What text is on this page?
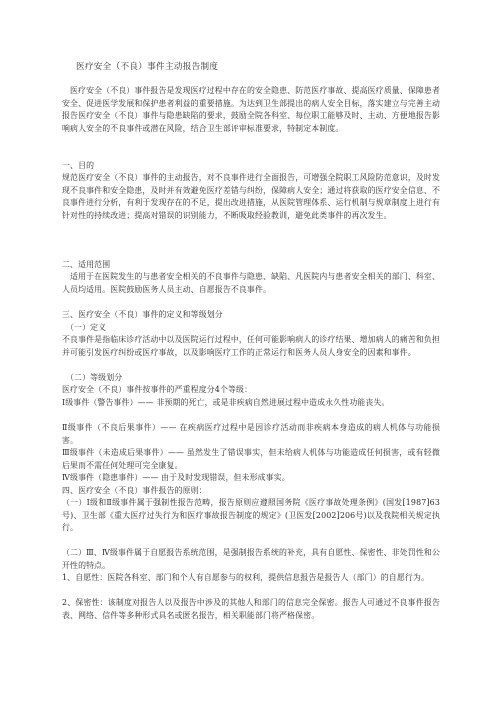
医疗安全（不良）事件主动报告制度

医疗安全（不良）事件报告是发现医疗过程中存在的安全隐患、防范医疗事故、提高医疗质量、保障患者安全、促进医学发展和保护患者利益的重要措施。为达到卫生部提出的病人安全目标，落实建立与完善主动报告医疗安全（不良）事件与隐患缺陷的要求，鼓励全院各科室、每位职工能够及时、主动、方便地报告影响病人安全的不良事件或潜在风险，结合卫生部评审标准要求，特制定本制度。

一、目的

规范医疗安全（不良）事件的主动报告，对不良事件进行全面报告，可增强全院职工风险防范意识，及时发现不良事件和安全隐患，及时并有效避免医疗差错与纠纷，保障病人安全；通过将获取的医疗安全信息、不良事件进行分析，有利于发现存在的不足，提出改进措施，从医院管理体系、运行机制与规章制度上进行有针对性的持续改进；提高对错误的识别能力，不断吸取经验教训，避免此类事件的再次发生。

二、适用范围

适用于在医院发生的与患者安全相关的不良事件与隐患、缺陷、凡医院内与患者安全相关的部门、科室、人员均适用。医院鼓励医务人员主动、自愿报告不良事件。

三、医疗安全（不良）事件的定义和等级划分
（一）定义

不良事件是指临床诊疗活动中以及医院运行过程中，任何可能影响病人的诊疗结果、增加病人的痛苦和负担并可能引发医疗纠纷或医疗事故，以及影响医疗工作的正常运行和医务人员人身安全的因素和事件。

（二）等级划分
医疗安全（不良）事件按事件的严重程度分4个等级：

Ⅰ级事件（警告事件）—— 非预期的死亡，或是非疾病自然进展过程中造成永久性功能丧失。

Ⅱ级事件（不良后果事件）—— 在疾病医疗过程中是因诊疗活动而非疾病本身造成的病人机体与功能损害。

Ⅲ级事件（未造成后果事件）—— 虽然发生了错误事实，但未给病人机体与功能造成任何损害，或有轻微后果而不需任何处理可完全康复。

Ⅳ级事件（隐患事件）—— 由于及时发现错误，但未形成事实。

四、医疗安全（不良）事件报告的原则：

（一）Ⅰ级和Ⅱ级事件属于强制性报告范畴，报告原则应遵照国务院《医疗事故处理条例》(国发[1987]63号)、卫生部《重大医疗过失行为和医疗事故报告制度的规定》(卫医发[2002]206号)以及我院相关规定执行。

（二）Ⅲ、Ⅳ级事件属于自愿报告系统范围，是强制报告系统的补充，具有自愿性、保密性、非处罚性和公开性的特点。

1、自愿性：医院各科室、部门和个人有自愿参与的权利，提供信息报告是报告人（部门）的自愿行为。

2、保密性：该制度对报告人以及报告中涉及的其他人和部门的信息完全保密。报告人可通过不良事件报告表、网络、信件等多种形式具名或匿名报告，相关职能部门将严格保密。
